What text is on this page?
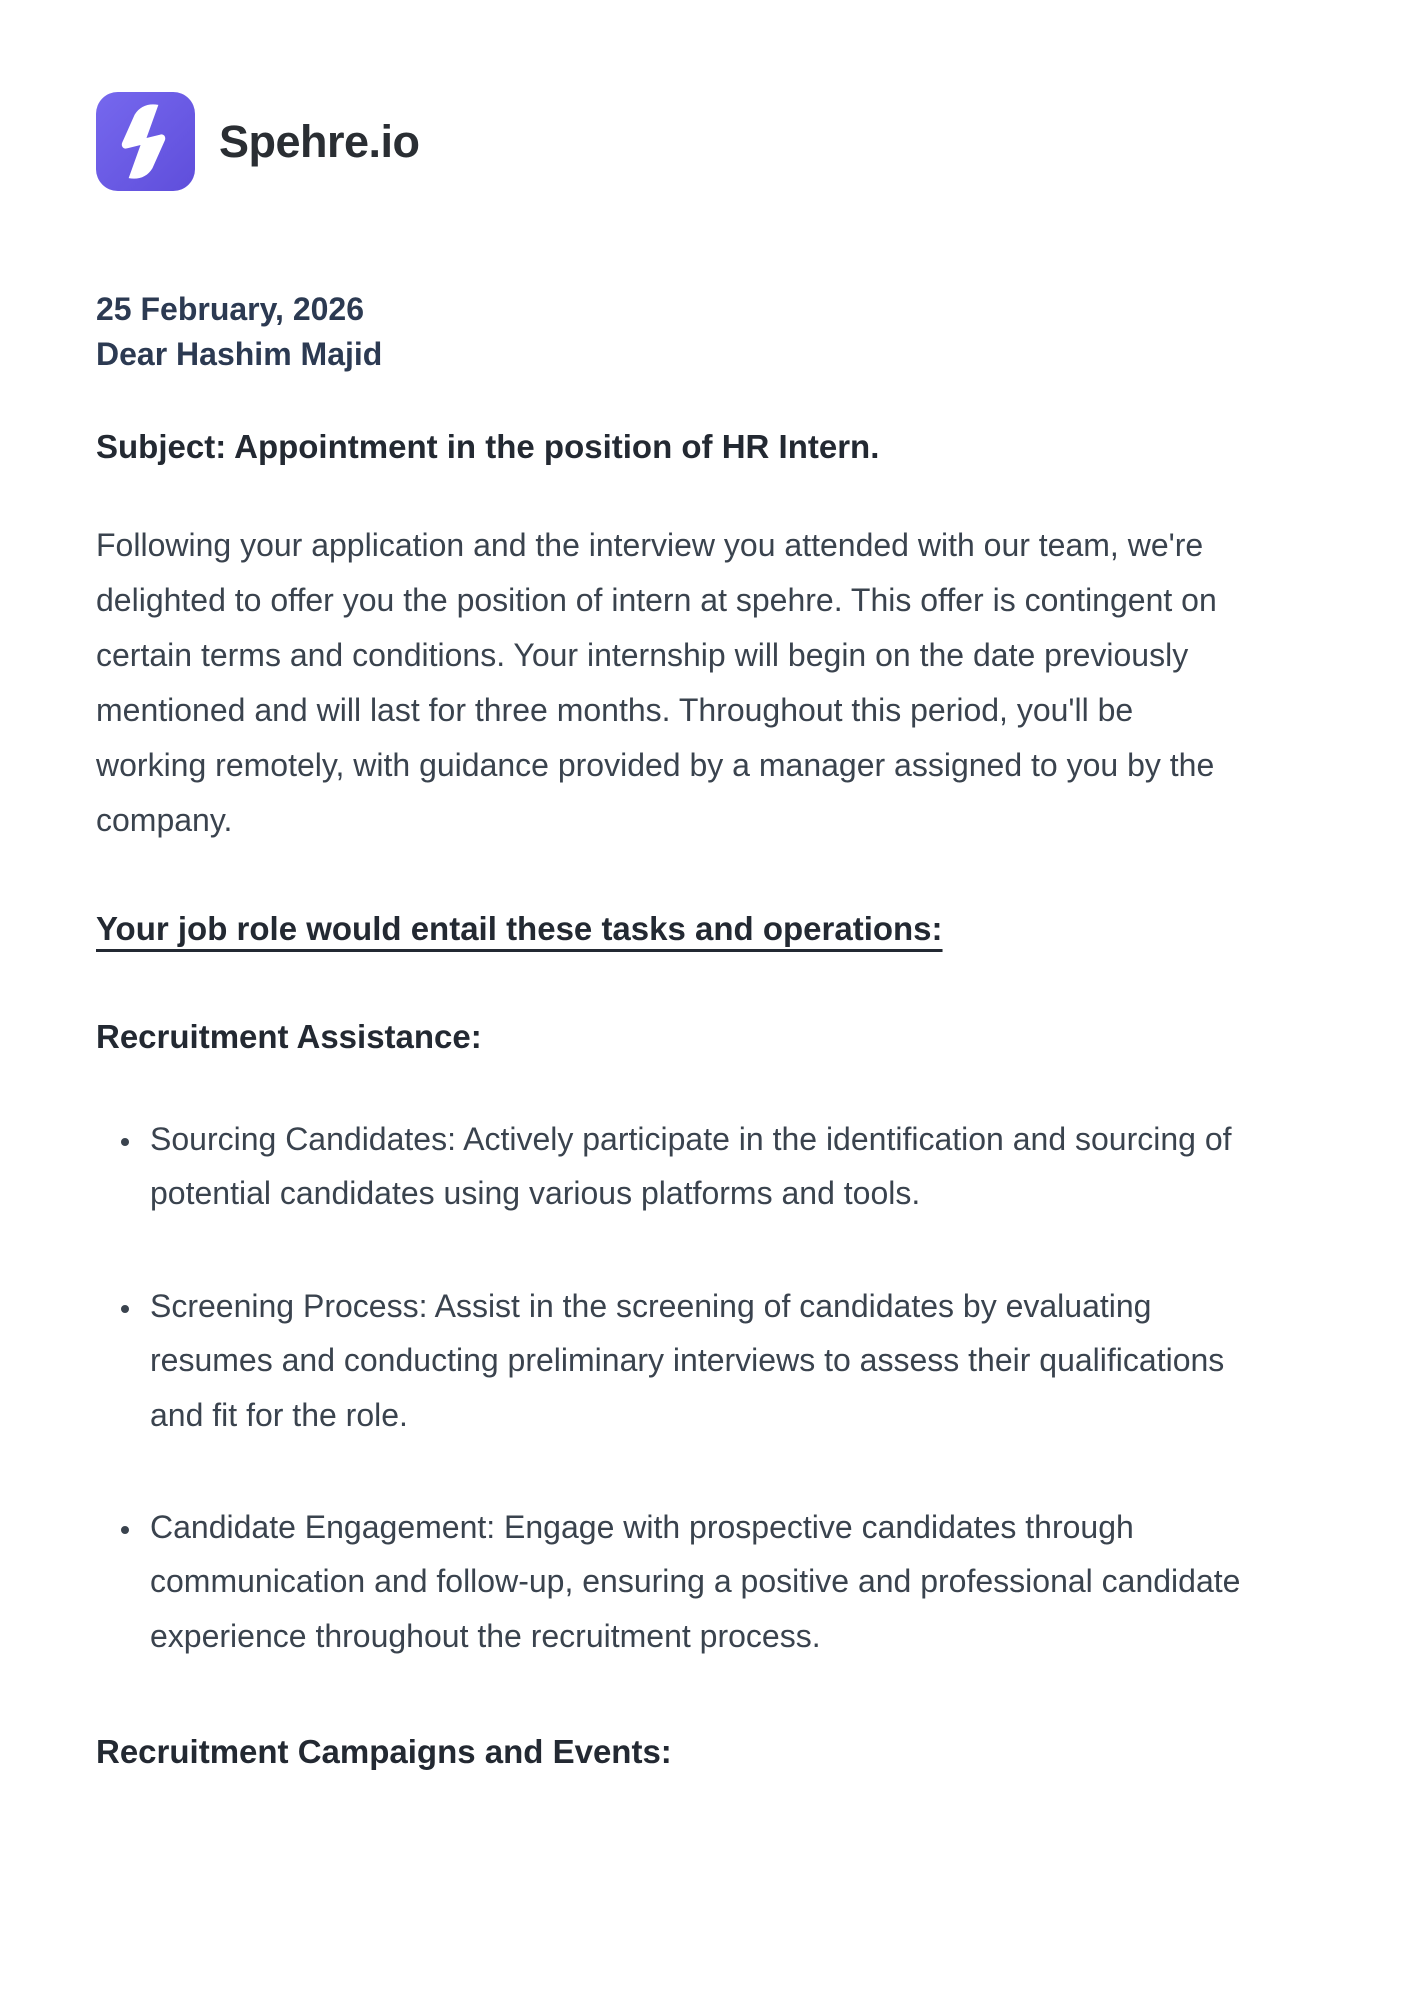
Spehre.io
25 February, 2026
Dear Hashim Majid
Subject: Appointment in the position of HR Intern.

Following your application and the interview you attended with our team, we're delighted to offer you the position of intern at spehre. This offer is contingent on certain terms and conditions. Your internship will begin on the date previously mentioned and will last for three months. Throughout this period, you'll be working remotely, with guidance provided by a manager assigned to you by the company.

Your job role would entail these tasks and operations:
Recruitment Assistance:
• Sourcing Candidates: Actively participate in the identification and sourcing of potential candidates using various platforms and tools.
• Screening Process: Assist in the screening of candidates by evaluating resumes and conducting preliminary interviews to assess their qualifications and fit for the role.
• Candidate Engagement: Engage with prospective candidates through communication and follow-up, ensuring a positive and professional candidate experience throughout the recruitment process.
Recruitment Campaigns and Events:
